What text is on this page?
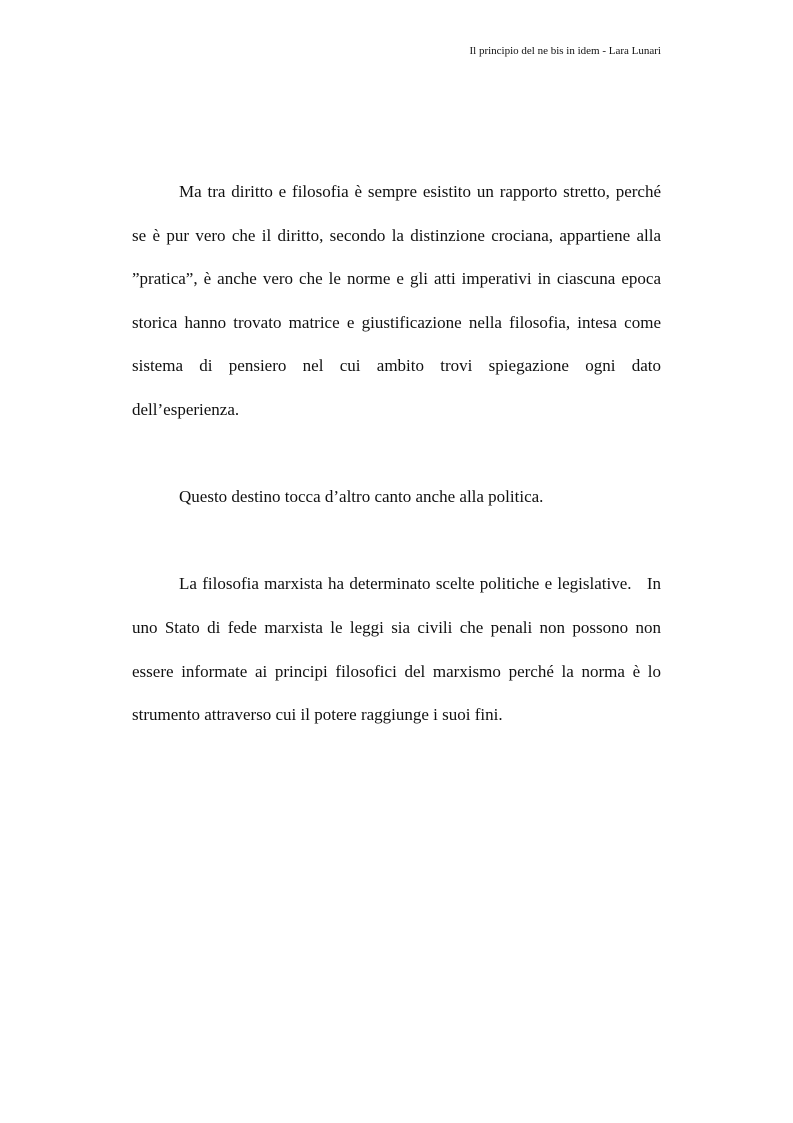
Il principio del ne bis in idem - Lara Lunari

Ma tra diritto e filosofia è sempre esistito un rapporto stretto, perché se è pur vero che il diritto, secondo la distinzione crociana, appartiene alla ”pratica”, è anche vero che le norme e gli atti imperativi in ciascuna epoca storica hanno trovato matrice e giustificazione nella filosofia, intesa come sistema di pensiero nel cui ambito trovi spiegazione ogni dato dell’esperienza.

Questo destino tocca d’altro canto anche alla politica.

La filosofia marxista ha determinato scelte politiche e legislative. In uno Stato di fede marxista le leggi sia civili che penali non possono non essere informate ai principi filosofici del marxismo perché la norma è lo strumento attraverso cui il potere raggiunge i suoi fini.
